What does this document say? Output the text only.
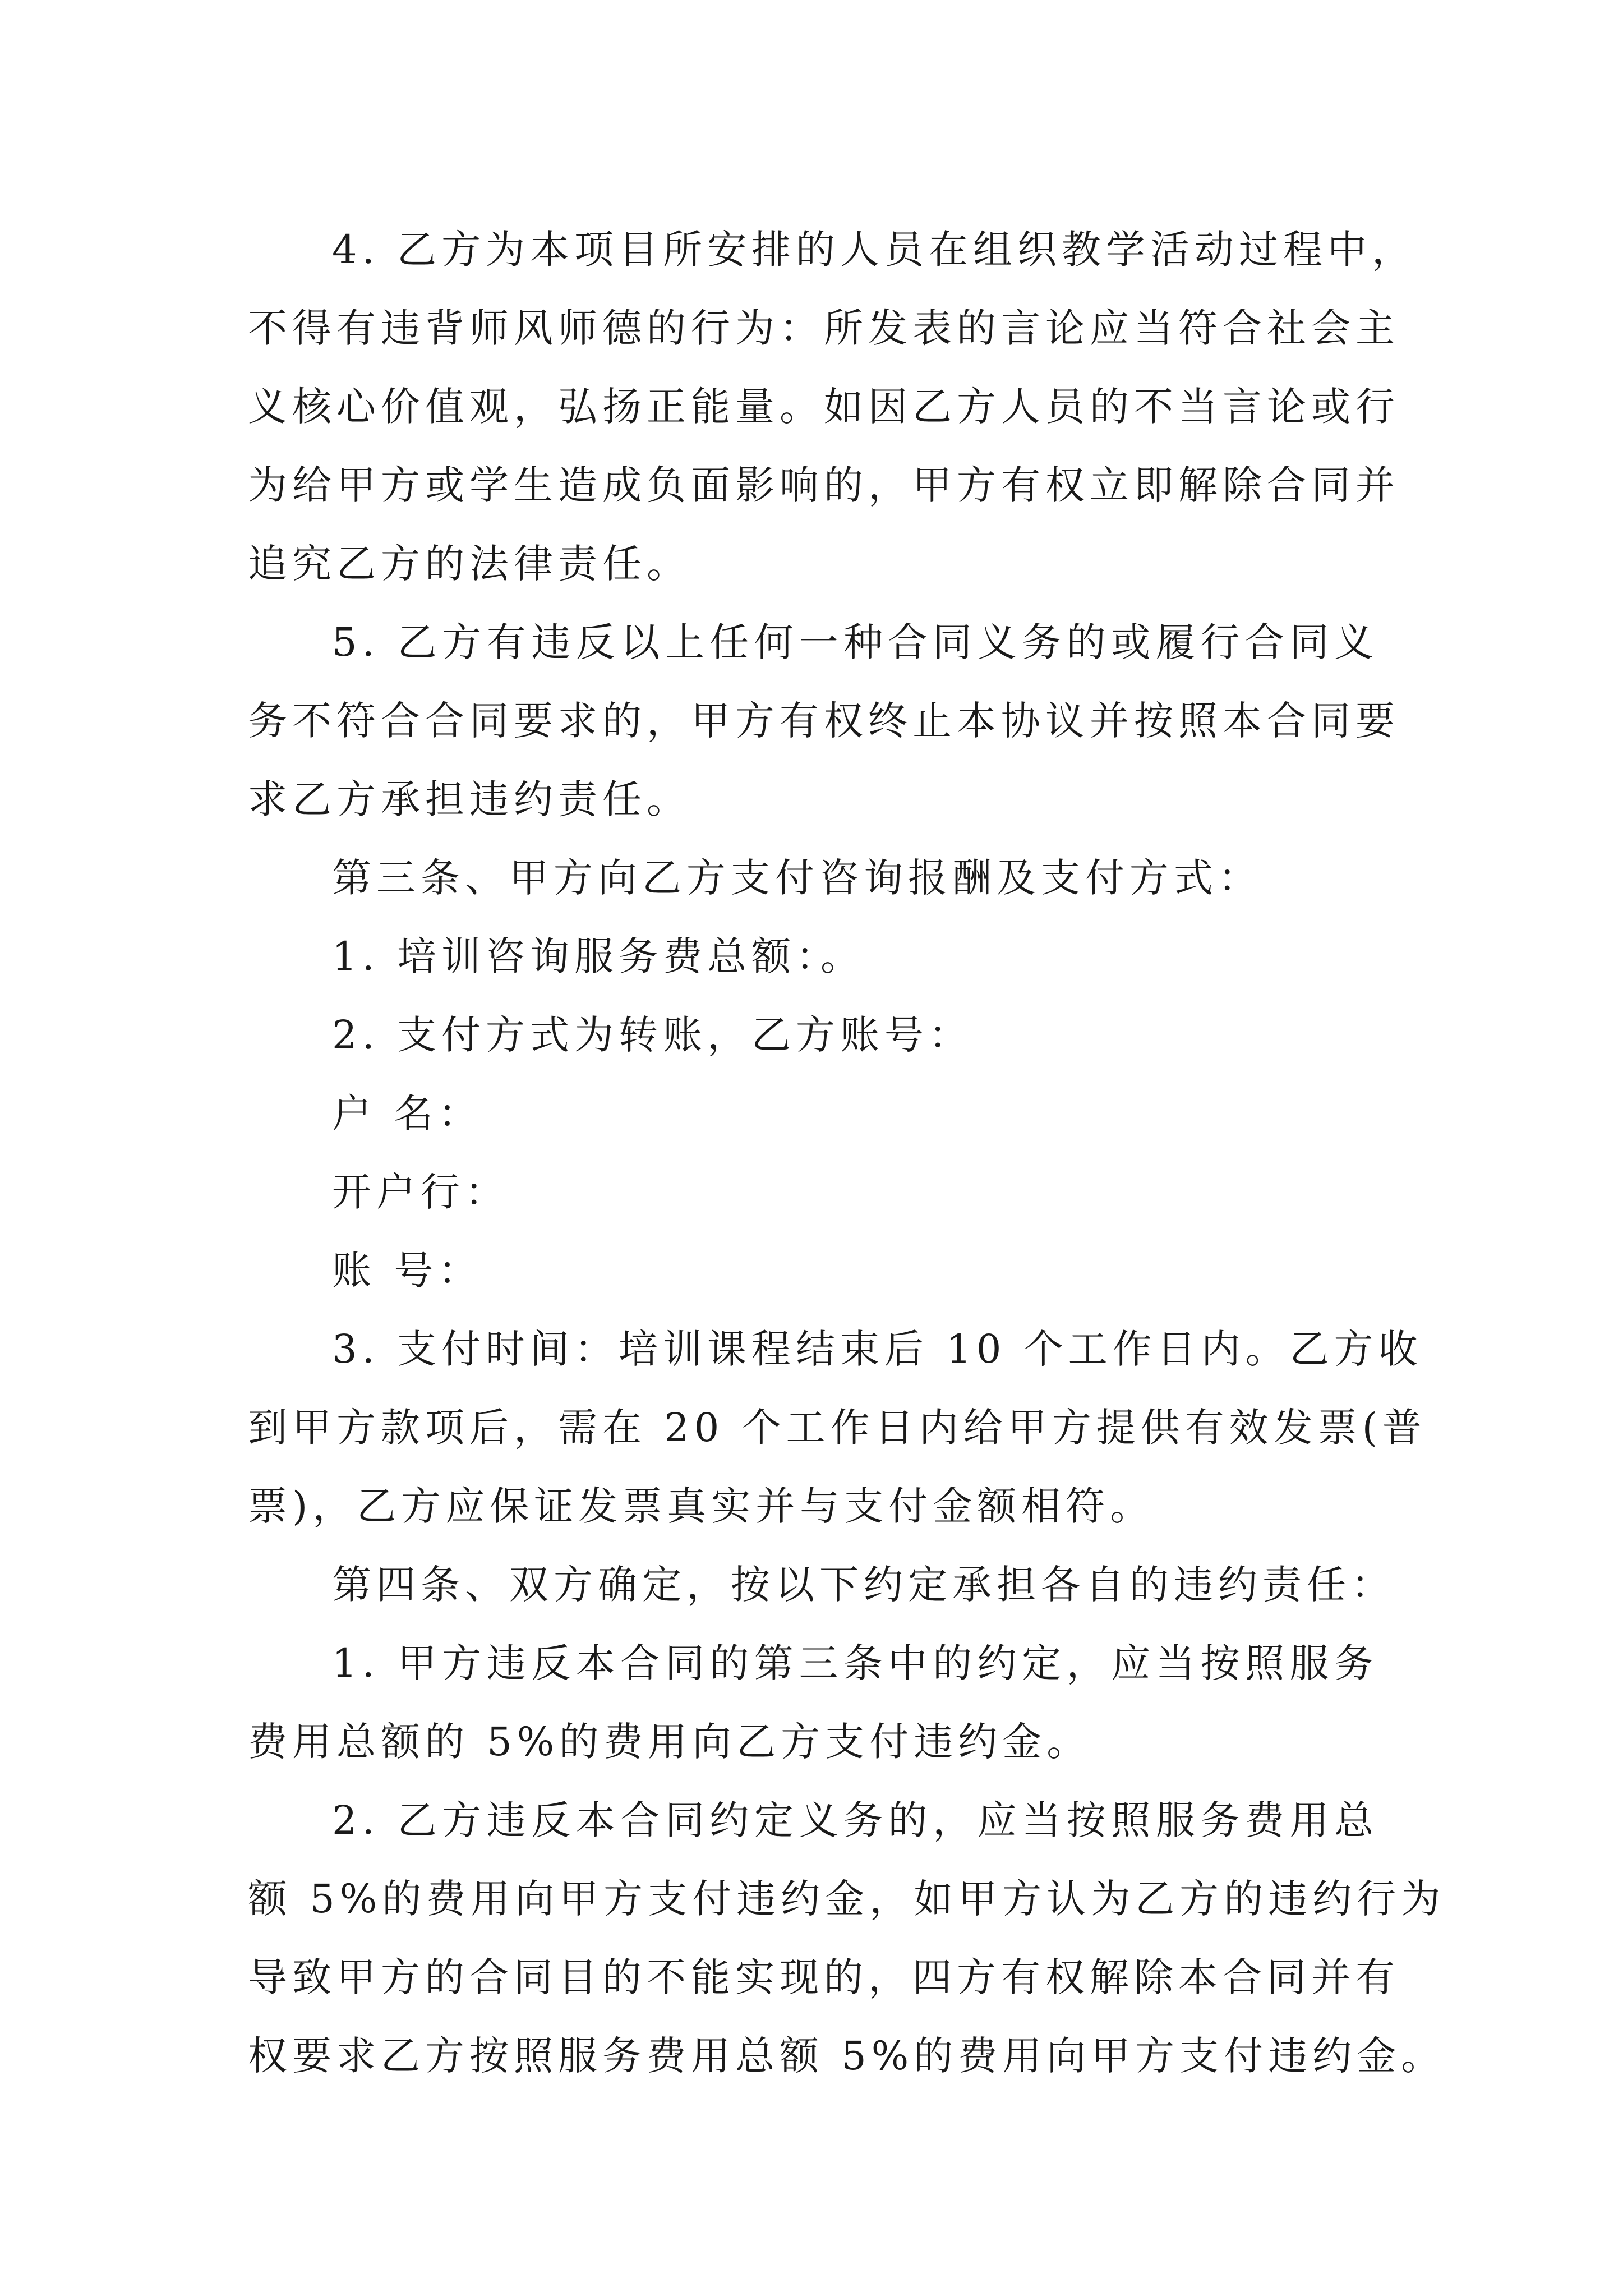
4. 乙方为本项目所安排的人员在组织教学活动过程中，
不得有违背师风师德的行为：所发表的言论应当符合社会主
义核心价值观，弘扬正能量。如因乙方人员的不当言论或行
为给甲方或学生造成负面影响的，甲方有权立即解除合同并
追究乙方的法律责任。
5. 乙方有违反以上任何一种合同义务的或履行合同义
务不符合合同要求的，甲方有权终止本协议并按照本合同要
求乙方承担违约责任。
第三条、甲方向乙方支付咨询报酬及支付方式：
1. 培训咨询服务费总额：。
2. 支付方式为转账，乙方账号：
户 名：
开户行：
账 号：
3. 支付时间：培训课程结束后 10 个工作日内。乙方收
到甲方款项后，需在 20 个工作日内给甲方提供有效发票(普
票)，乙方应保证发票真实并与支付金额相符。
第四条、双方确定，按以下约定承担各自的违约责任：
1. 甲方违反本合同的第三条中的约定，应当按照服务
费用总额的 5%的费用向乙方支付违约金。
2. 乙方违反本合同约定义务的，应当按照服务费用总
额 5%的费用向甲方支付违约金，如甲方认为乙方的违约行为
导致甲方的合同目的不能实现的，四方有权解除本合同并有
权要求乙方按照服务费用总额 5%的费用向甲方支付违约金。
